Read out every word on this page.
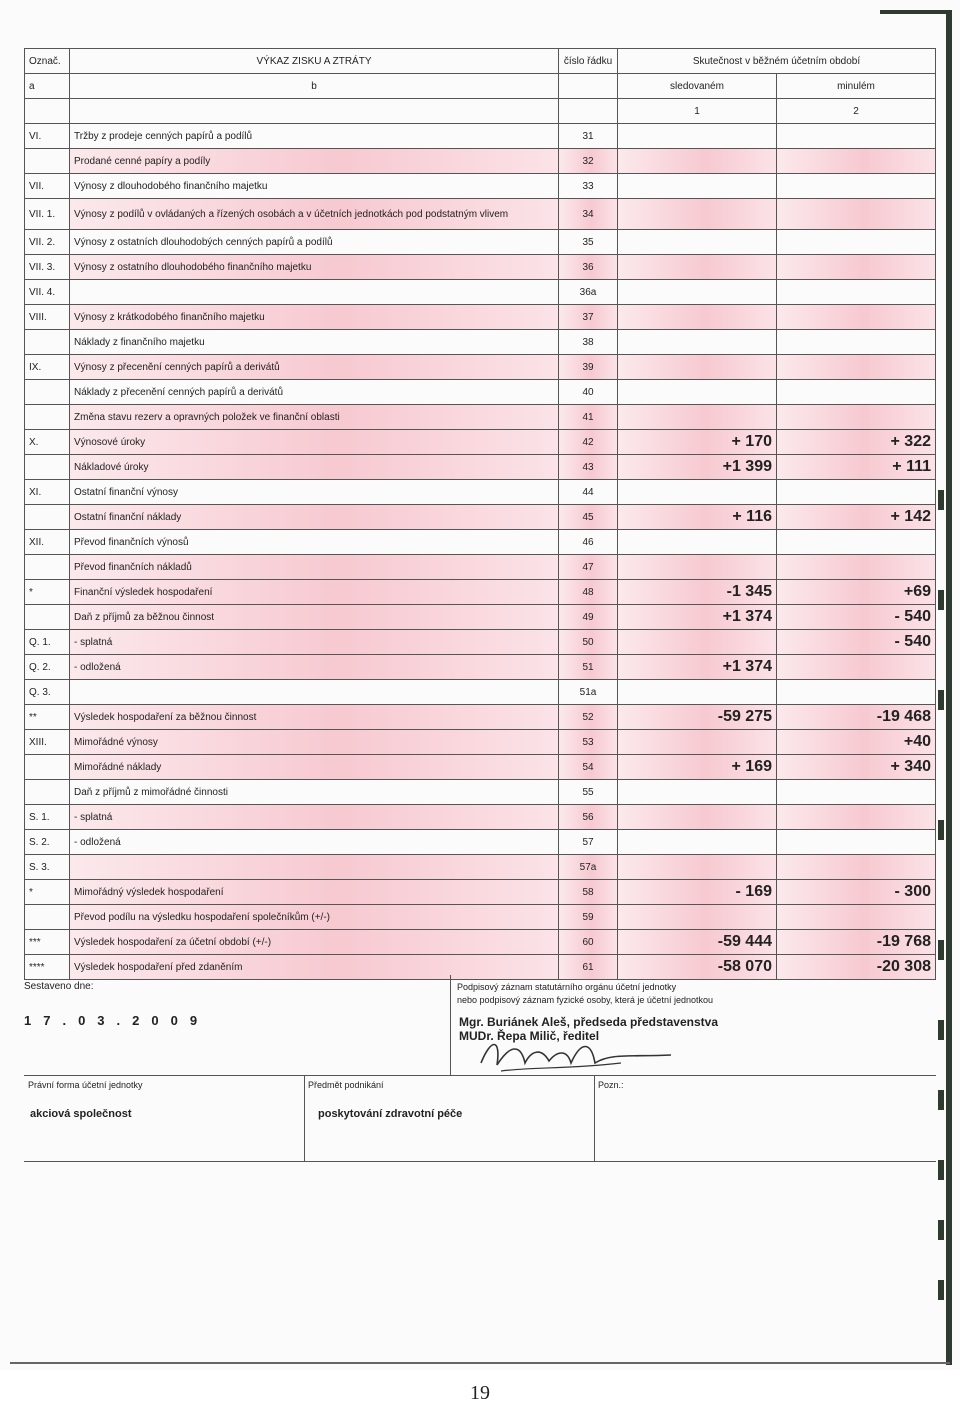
Označ.	VÝKAZ ZISKU A ZTRÁTY	číslo řádku	Skutečnost v běžném účetním období	
a	b		sledovaném	minulém
			1	2
VI.	Tržby z prodeje cenných papírů a podílů	31		
	Prodané cenné papíry a podíly	32		
VII.	Výnosy z dlouhodobého finančního majetku	33		
VII. 1.	Výnosy z podílů v ovládaných a řízených osobách a v účetních jednotkách pod podstatným vlivem	34		
VII. 2.	Výnosy z ostatních dlouhodobých cenných papírů a podílů	35		
VII. 3.	Výnosy z ostatního dlouhodobého finančního majetku	36		
VII. 4.		36a		
VIII.	Výnosy z krátkodobého finančního majetku	37		
	Náklady z finančního majetku	38		
IX.	Výnosy z přecenění cenných papírů a derivátů	39		
	Náklady z přecenění cenných papírů a derivátů	40		
	Změna stavu rezerv a opravných položek ve finanční oblasti	41		
X.	Výnosové úroky	42	+ 170	+ 322
	Nákladové úroky	43	+1 399	+ 111
XI.	Ostatní finanční výnosy	44		
	Ostatní finanční náklady	45	+ 116	+ 142
XII.	Převod finančních výnosů	46		
	Převod finančních nákladů	47		
*	Finanční výsledek hospodaření	48	-1 345	+69
	Daň z příjmů za běžnou činnost	49	+1 374	- 540
Q. 1.	- splatná	50		- 540
Q. 2.	- odložená	51	+1 374	
Q. 3.		51a		
**	Výsledek hospodaření za běžnou činnost	52	-59 275	-19 468
XIII.	Mimořádné výnosy	53		+40
	Mimořádné náklady	54	+ 169	+ 340
	Daň z příjmů z mimořádné činnosti	55		
S. 1.	- splatná	56		
S. 2.	- odložená	57		
S. 3.		57a		
*	Mimořádný výsledek hospodaření	58	- 169	- 300
	Převod podílu na výsledku hospodaření společníkům (+/-)	59		
***	Výsledek hospodaření za účetní období (+/-)	60	-59 444	-19 768
****	Výsledek hospodaření před zdaněním	61	-58 070	-20 308
Sestaveno dne:
17.03.2009
Podpisový záznam statutárního orgánu účetní jednotky
nebo podpisový záznam fyzické osoby, která je účetní jednotkou
Mgr. Buriánek Aleš, předseda představenstva
MUDr. Řepa Milič, ředitel
Právní forma účetní jednotky
akciová společnost
Předmět podnikání
poskytování zdravotní péče
Pozn.:
19
